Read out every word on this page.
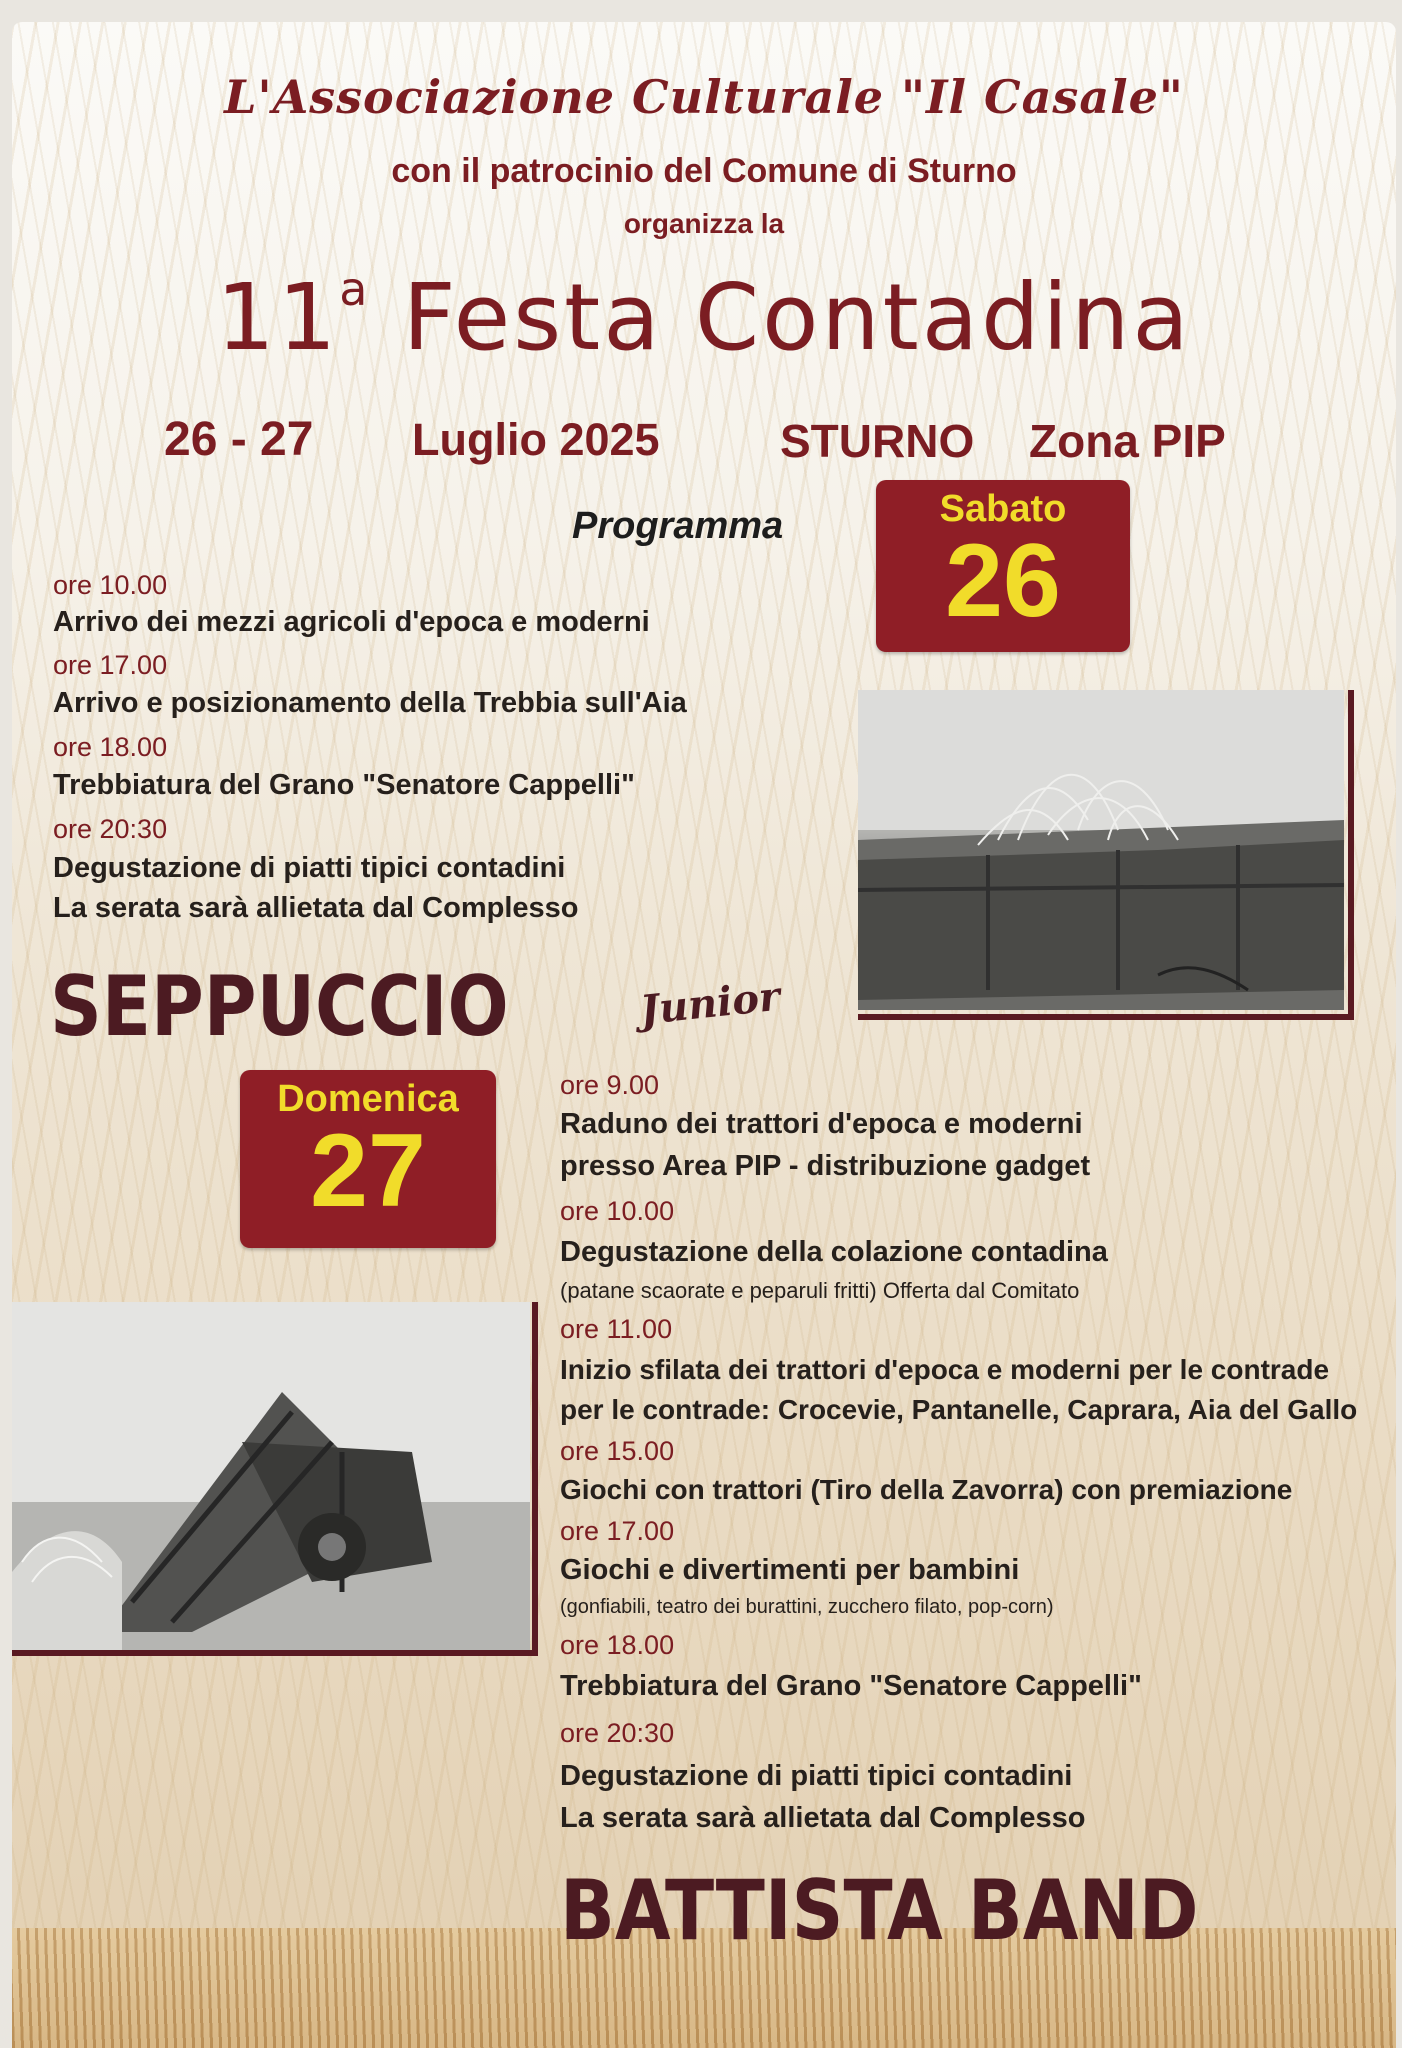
L'Associazione Culturale "Il Casale"
con il patrocinio del Comune di Sturno
organizza la
11$^a$ Festa Contadina
26 - 27 Luglio 2025	STURNO Zona PIP
Programma	Sabato
26
ore 10.00
Arrivo dei mezzi agricoli d'epoca e moderni
ore 17.00
Arrivo e posizionamento della Trebbia sull'Aia
ore 18.00
Trebbiatura del Grano "Senatore Cappelli"
ore 20:30
Degustazione di piatti tipici contadini
La serata sarà allietata dal Complesso
SEPPUCCIO	Junior
Domenica
27
ore 9.00
Raduno dei trattori d'epoca e moderni
presso Area PIP - distribuzione gadget
ore 10.00
Degustazione della colazione contadina
(patane scaorate e peparuli fritti) Offerta dal Comitato
ore 11.00
Inizio sfilata dei trattori d'epoca e moderni per le contrade
per le contrade: Crocevie, Pantanelle, Caprara, Aia del Gallo
ore 15.00
Giochi con trattori (Tiro della Zavorra) con premiazione
ore 17.00
Giochi e divertimenti per bambini
(gonfiabili, teatro dei burattini, zucchero filato, pop-corn)
ore 18.00
Trebbiatura del Grano "Senatore Cappelli"
ore 20:30
Degustazione di piatti tipici contadini
La serata sarà allietata dal Complesso
BATTISTA BAND
